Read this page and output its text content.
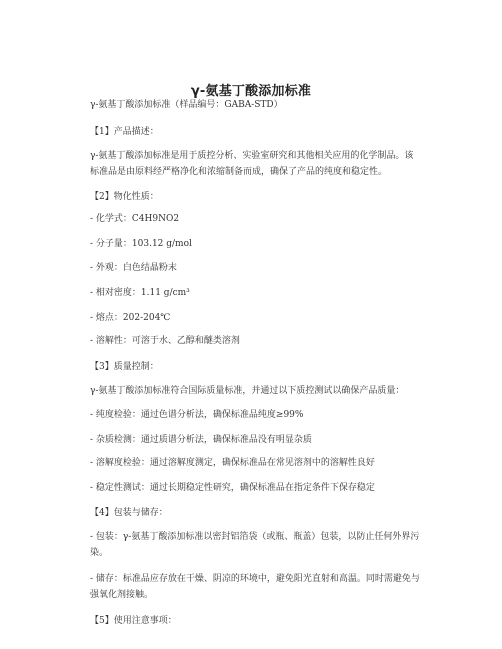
γ-氨基丁酸添加标准
γ-氨基丁酸添加标准（样品编号：GABA-STD）
【1】产品描述：
γ-氨基丁酸添加标准是用于质控分析、实验室研究和其他相关应用的化学制品。该标准品是由原料经严格净化和浓缩制备而成，确保了产品的纯度和稳定性。
【2】物化性质：
- 化学式：C4H9NO2
- 分子量：103.12 g/mol
- 外观：白色结晶粉末
- 相对密度：1.11 g/cm³
- 熔点：202-204℃
- 溶解性：可溶于水、乙醇和醚类溶剂
【3】质量控制：
γ-氨基丁酸添加标准符合国际质量标准，并通过以下质控测试以确保产品质量：
- 纯度检验：通过色谱分析法，确保标准品纯度≥99%
- 杂质检测：通过质谱分析法，确保标准品没有明显杂质
- 溶解度检验：通过溶解度测定，确保标准品在常见溶剂中的溶解性良好
- 稳定性测试：通过长期稳定性研究，确保标准品在指定条件下保存稳定
【4】包装与储存：
- 包装：γ-氨基丁酸添加标准以密封铝箔袋（或瓶、瓶盖）包装，以防止任何外界污染。
- 储存：标准品应存放在干燥、阴凉的环境中，避免阳光直射和高温。同时需避免与强氧化剂接触。
【5】使用注意事项：
